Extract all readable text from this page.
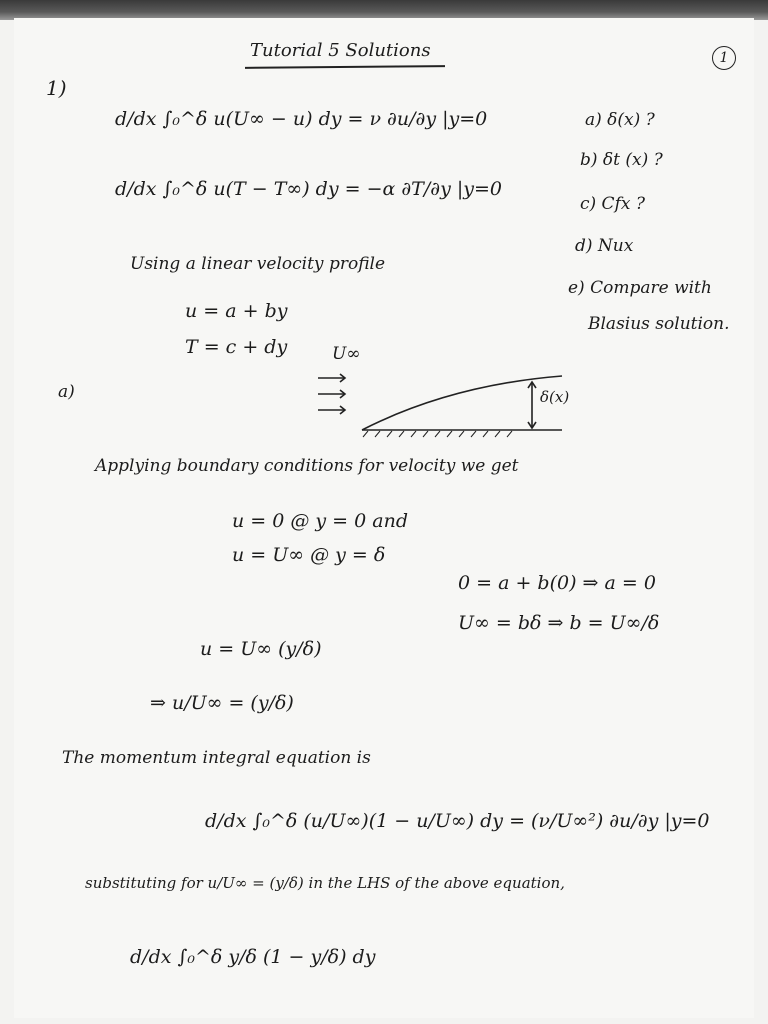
Tutorial 5 Solutions	1
1)
d/dx ∫₀^δ u(U∞ − u) dy = ν ∂u/∂y |y=0
d/dx ∫₀^δ u(T − T∞) dy = −α ∂T/∂y |y=0
a) δ(x) ?
b) δt (x) ?
c) Cfx ?
d) Nux
e) Compare with
Blasius solution.
Using a linear velocity profile
u = a + by
T = c + dy	U∞
a)	δ(x)
Applying boundary conditions for velocity we get
u = 0 @ y = 0 and
u = U∞ @ y = δ
0 = a + b(0) ⇒ a = 0
U∞ = bδ ⇒ b = U∞/δ
u = U∞ (y/δ)
⇒ u/U∞ = (y/δ)
The momentum integral equation is
d/dx ∫₀^δ (u/U∞)(1 − u/U∞) dy = (ν/U∞²) ∂u/∂y |y=0
substituting for u/U∞ = (y/δ) in the LHS of the above equation,
d/dx ∫₀^δ y/δ (1 − y/δ) dy
